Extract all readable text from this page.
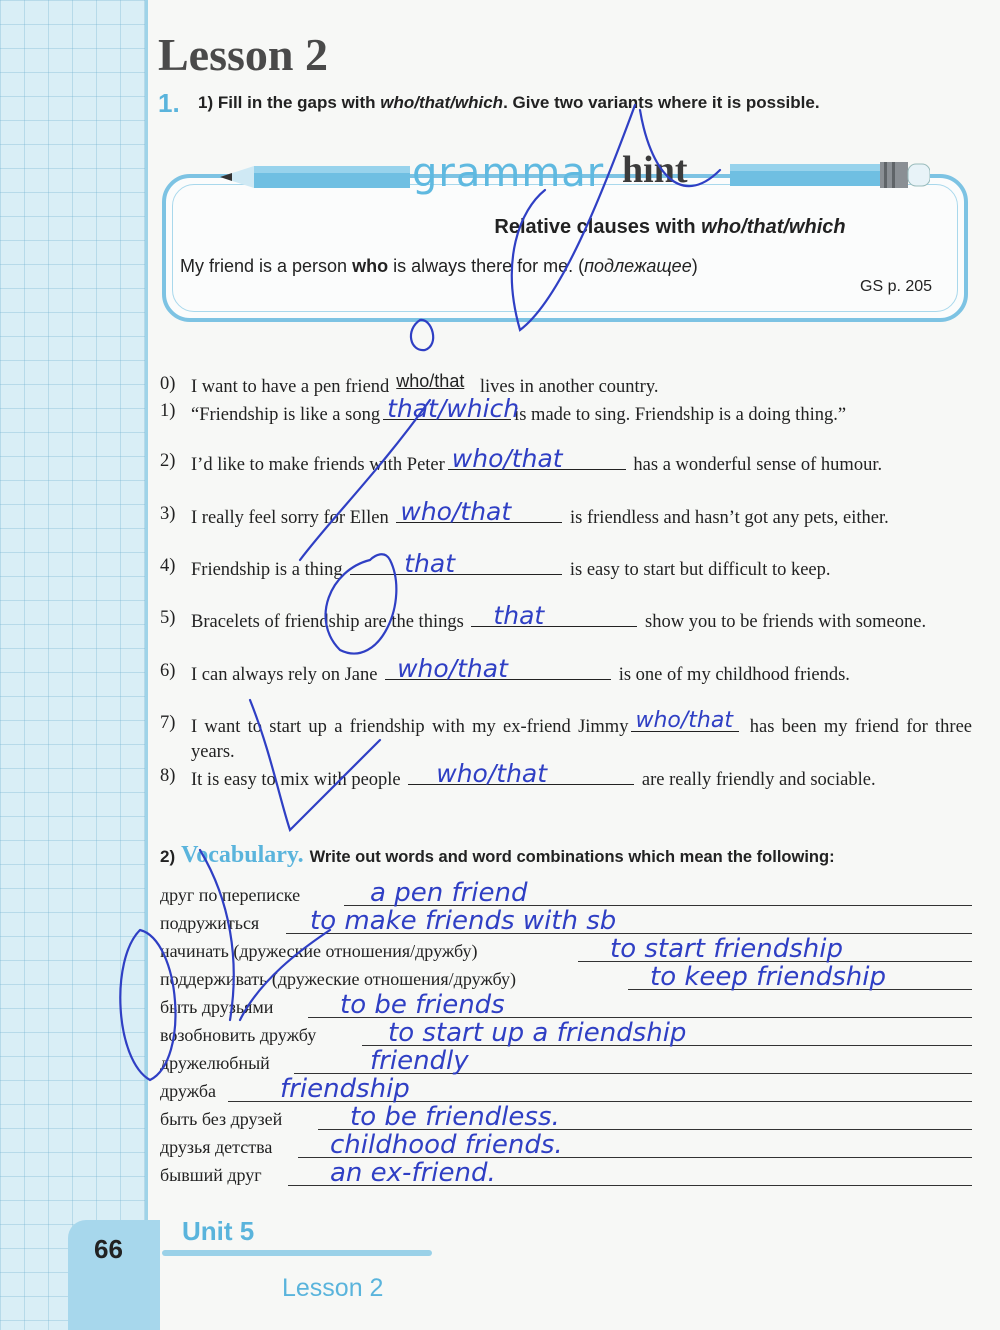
Lesson 2
1. 1) Fill in the gaps with who/that/which. Give two variants where it is possible.
grammar hint
Relative clauses with who/that/which
My friend is a person who is always there for me. (подлежащее)
GS p. 205
0) I want to have a pen friend who/that lives in another country.
1) “Friendship is like a song that/which
is made to sing. Friendship is a doing thing.”
2) I’d like to make friends with Peter who/that	has a wonderful sense of humour.
3) I really feel sorry for Ellen who/that	is friendless and hasn’t got any pets, either.
4) Friendship is a thing that	is easy to start but difficult to keep.
5) Bracelets of friendship are the things that	show you to be friends with someone.
6) I can always rely on Jane who/that	is one of my childhood friends.
7) I want to start up a friendship with my ex-friend Jimmy who/that has been my friend for three years.
8) It is easy to mix with people who/that	are really friendly and sociable.
2) Vocabulary. Write out words and word combinations which mean the following:
друг по переписке	a pen friend
подружиться to make friends with sb
начинать (дружеские отношения/дружбу)	to start friendship
поддерживать (дружеские отношения/дружбу)	to keep friendship
быть друзьями	to be friends
возобновить дружбу	to start up a friendship
дружелюбный	friendly
дружба friendship
быть без друзей	to be friendless.
друзья детства childhood friends.
бывший друг	an ex-friend.
66
Unit 5
Lesson 2
